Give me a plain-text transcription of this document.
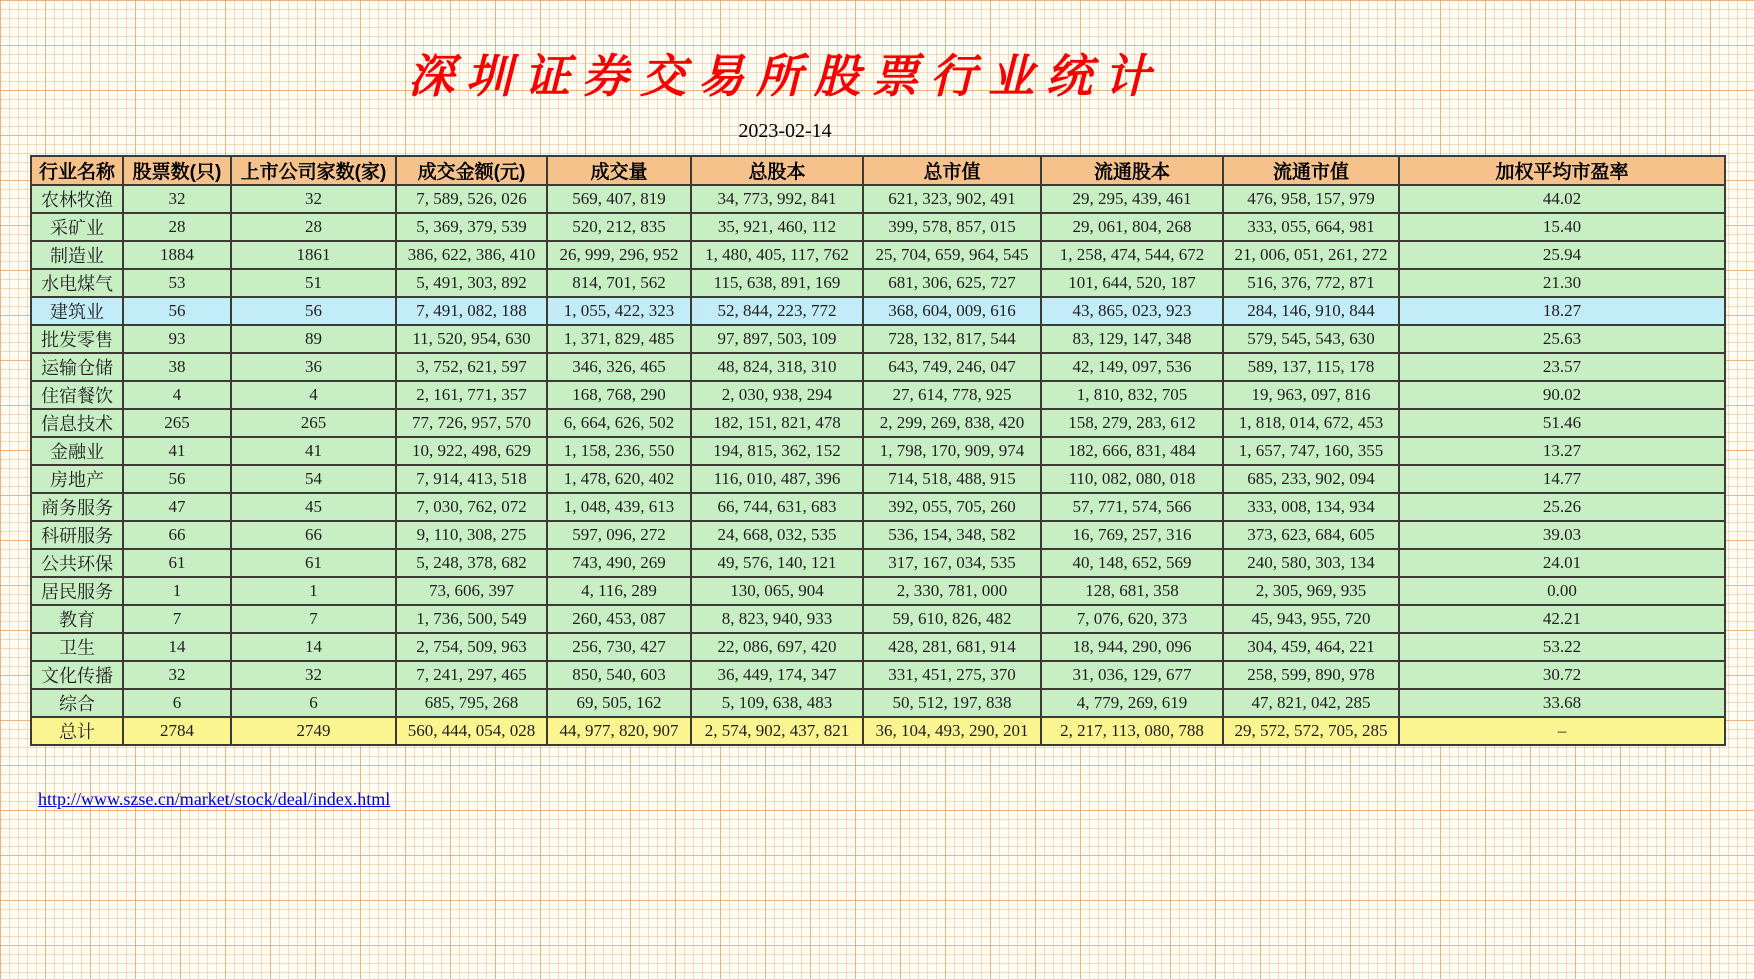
深圳证券交易所股票行业统计
2023-02-14
行业名称	股票数(只)	上市公司家数(家)	成交金额(元)	成交量	总股本	总市值	流通股本	流通市值	加权平均市盈率
农林牧渔	32	32	7, 589, 526, 026	569, 407, 819	34, 773, 992, 841	621, 323, 902, 491	29, 295, 439, 461	476, 958, 157, 979	44.02
采矿业	28	28	5, 369, 379, 539	520, 212, 835	35, 921, 460, 112	399, 578, 857, 015	29, 061, 804, 268	333, 055, 664, 981	15.40
制造业	1884	1861	386, 622, 386, 410	26, 999, 296, 952	1, 480, 405, 117, 762	25, 704, 659, 964, 545	1, 258, 474, 544, 672	21, 006, 051, 261, 272	25.94
水电煤气	53	51	5, 491, 303, 892	814, 701, 562	115, 638, 891, 169	681, 306, 625, 727	101, 644, 520, 187	516, 376, 772, 871	21.30
建筑业	56	56	7, 491, 082, 188	1, 055, 422, 323	52, 844, 223, 772	368, 604, 009, 616	43, 865, 023, 923	284, 146, 910, 844	18.27
批发零售	93	89	11, 520, 954, 630	1, 371, 829, 485	97, 897, 503, 109	728, 132, 817, 544	83, 129, 147, 348	579, 545, 543, 630	25.63
运输仓储	38	36	3, 752, 621, 597	346, 326, 465	48, 824, 318, 310	643, 749, 246, 047	42, 149, 097, 536	589, 137, 115, 178	23.57
住宿餐饮	4	4	2, 161, 771, 357	168, 768, 290	2, 030, 938, 294	27, 614, 778, 925	1, 810, 832, 705	19, 963, 097, 816	90.02
信息技术	265	265	77, 726, 957, 570	6, 664, 626, 502	182, 151, 821, 478	2, 299, 269, 838, 420	158, 279, 283, 612	1, 818, 014, 672, 453	51.46
金融业	41	41	10, 922, 498, 629	1, 158, 236, 550	194, 815, 362, 152	1, 798, 170, 909, 974	182, 666, 831, 484	1, 657, 747, 160, 355	13.27
房地产	56	54	7, 914, 413, 518	1, 478, 620, 402	116, 010, 487, 396	714, 518, 488, 915	110, 082, 080, 018	685, 233, 902, 094	14.77
商务服务	47	45	7, 030, 762, 072	1, 048, 439, 613	66, 744, 631, 683	392, 055, 705, 260	57, 771, 574, 566	333, 008, 134, 934	25.26
科研服务	66	66	9, 110, 308, 275	597, 096, 272	24, 668, 032, 535	536, 154, 348, 582	16, 769, 257, 316	373, 623, 684, 605	39.03
公共环保	61	61	5, 248, 378, 682	743, 490, 269	49, 576, 140, 121	317, 167, 034, 535	40, 148, 652, 569	240, 580, 303, 134	24.01
居民服务	1	1	73, 606, 397	4, 116, 289	130, 065, 904	2, 330, 781, 000	128, 681, 358	2, 305, 969, 935	0.00
教育	7	7	1, 736, 500, 549	260, 453, 087	8, 823, 940, 933	59, 610, 826, 482	7, 076, 620, 373	45, 943, 955, 720	42.21
卫生	14	14	2, 754, 509, 963	256, 730, 427	22, 086, 697, 420	428, 281, 681, 914	18, 944, 290, 096	304, 459, 464, 221	53.22
文化传播	32	32	7, 241, 297, 465	850, 540, 603	36, 449, 174, 347	331, 451, 275, 370	31, 036, 129, 677	258, 599, 890, 978	30.72
综合	6	6	685, 795, 268	69, 505, 162	5, 109, 638, 483	50, 512, 197, 838	4, 779, 269, 619	47, 821, 042, 285	33.68
总计	2784	2749	560, 444, 054, 028	44, 977, 820, 907	2, 574, 902, 437, 821	36, 104, 493, 290, 201	2, 217, 113, 080, 788	29, 572, 572, 705, 285	–
http://www.szse.cn/market/stock/deal/index.html
